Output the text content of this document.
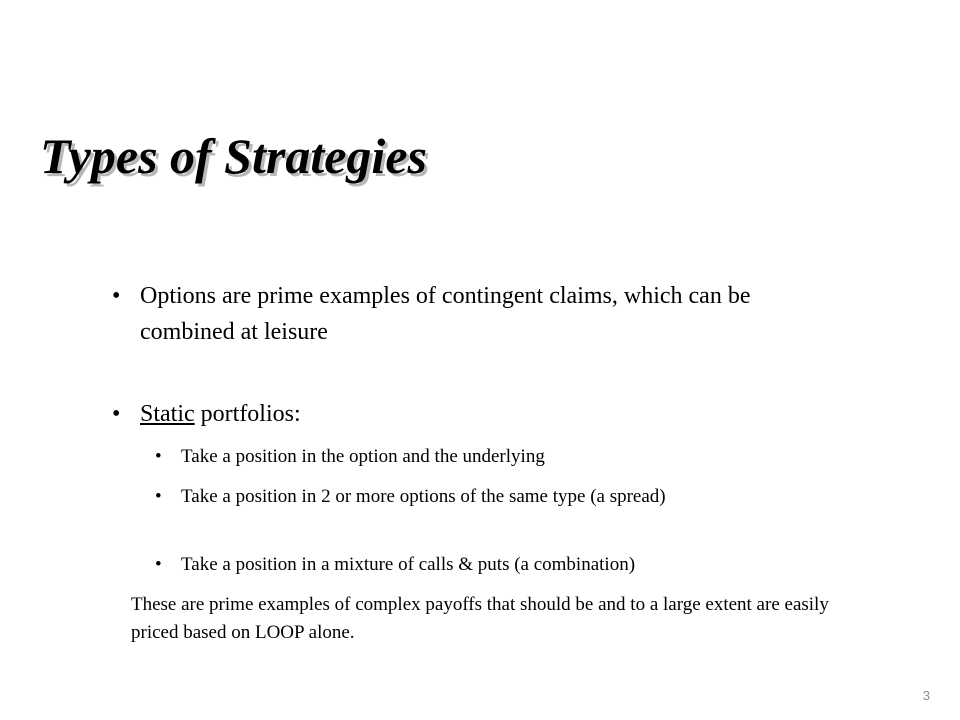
Types of Strategies
• Options are prime examples of contingent claims, which can be combined at leisure
• Static portfolios:
• Take a position in the option and the underlying
• Take a position in 2 or more options of the same type (a spread)
• Take a position in a mixture of calls & puts (a combination)
These are prime examples of complex payoffs that should be and to a large extent are easily priced based on LOOP alone.
3
